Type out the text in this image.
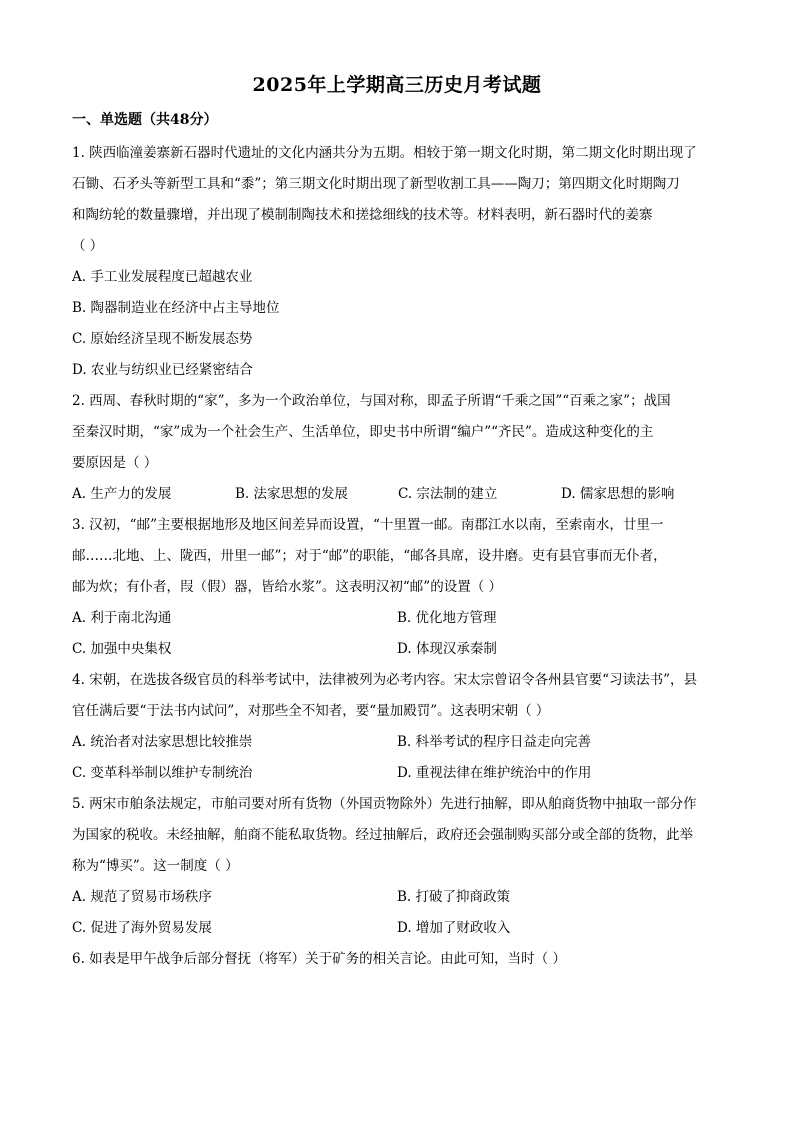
2025年上学期高三历史月考试题
一、单选题（共48分）
1. 陕西临潼姜寨新石器时代遗址的文化内涵共分为五期。相较于第一期文化时期，第二期文化时期出现了
石锄、石矛头等新型工具和“黍”；第三期文化时期出现了新型收割工具——陶刀；第四期文化时期陶刀
和陶纺轮的数量骤增，并出现了模制制陶技术和搓捻细线的技术等。材料表明，新石器时代的姜寨
（ ）
A. 手工业发展程度已超越农业
B. 陶器制造业在经济中占主导地位
C. 原始经济呈现不断发展态势
D. 农业与纺织业已经紧密结合
2. 西周、春秋时期的“家”，多为一个政治单位，与国对称，即孟子所谓“千乘之国”“百乘之家”；战国
至秦汉时期，“家”成为一个社会生产、生活单位，即史书中所谓“编户”“齐民”。造成这种变化的主
要原因是（ ）
A. 生产力的发展	B. 法家思想的发展	C. 宗法制的建立	D. 儒家思想的影响
3. 汉初，“邮”主要根据地形及地区间差异而设置，“十里置一邮。南郡江水以南，至索南水，廿里一
邮……北地、上、陇西，卅里一邮”；对于“邮”的职能，“邮各具席，设井磨。吏有县官事而无仆者，
邮为炊；有仆者，叚（假）器，皆给水浆”。这表明汉初“邮”的设置（ ）
A. 利于南北沟通	B. 优化地方管理
C. 加强中央集权	D. 体现汉承秦制
4. 宋朝，在选拔各级官员的科举考试中，法律被列为必考内容。宋太宗曾诏令各州县官要“习读法书”，县
官任满后要“于法书内试问”，对那些全不知者，要“量加殿罚”。这表明宋朝（ ）
A. 统治者对法家思想比较推崇	B. 科举考试的程序日益走向完善
C. 变革科举制以维护专制统治	D. 重视法律在维护统治中的作用
5. 两宋市舶条法规定，市舶司要对所有货物（外国贡物除外）先进行抽解，即从舶商货物中抽取一部分作
为国家的税收。未经抽解，舶商不能私取货物。经过抽解后，政府还会强制购买部分或全部的货物，此举
称为“博买”。这一制度（ ）
A. 规范了贸易市场秩序	B. 打破了抑商政策
C. 促进了海外贸易发展	D. 增加了财政收入
6. 如表是甲午战争后部分督抚（将军）关于矿务的相关言论。由此可知，当时（ ）
